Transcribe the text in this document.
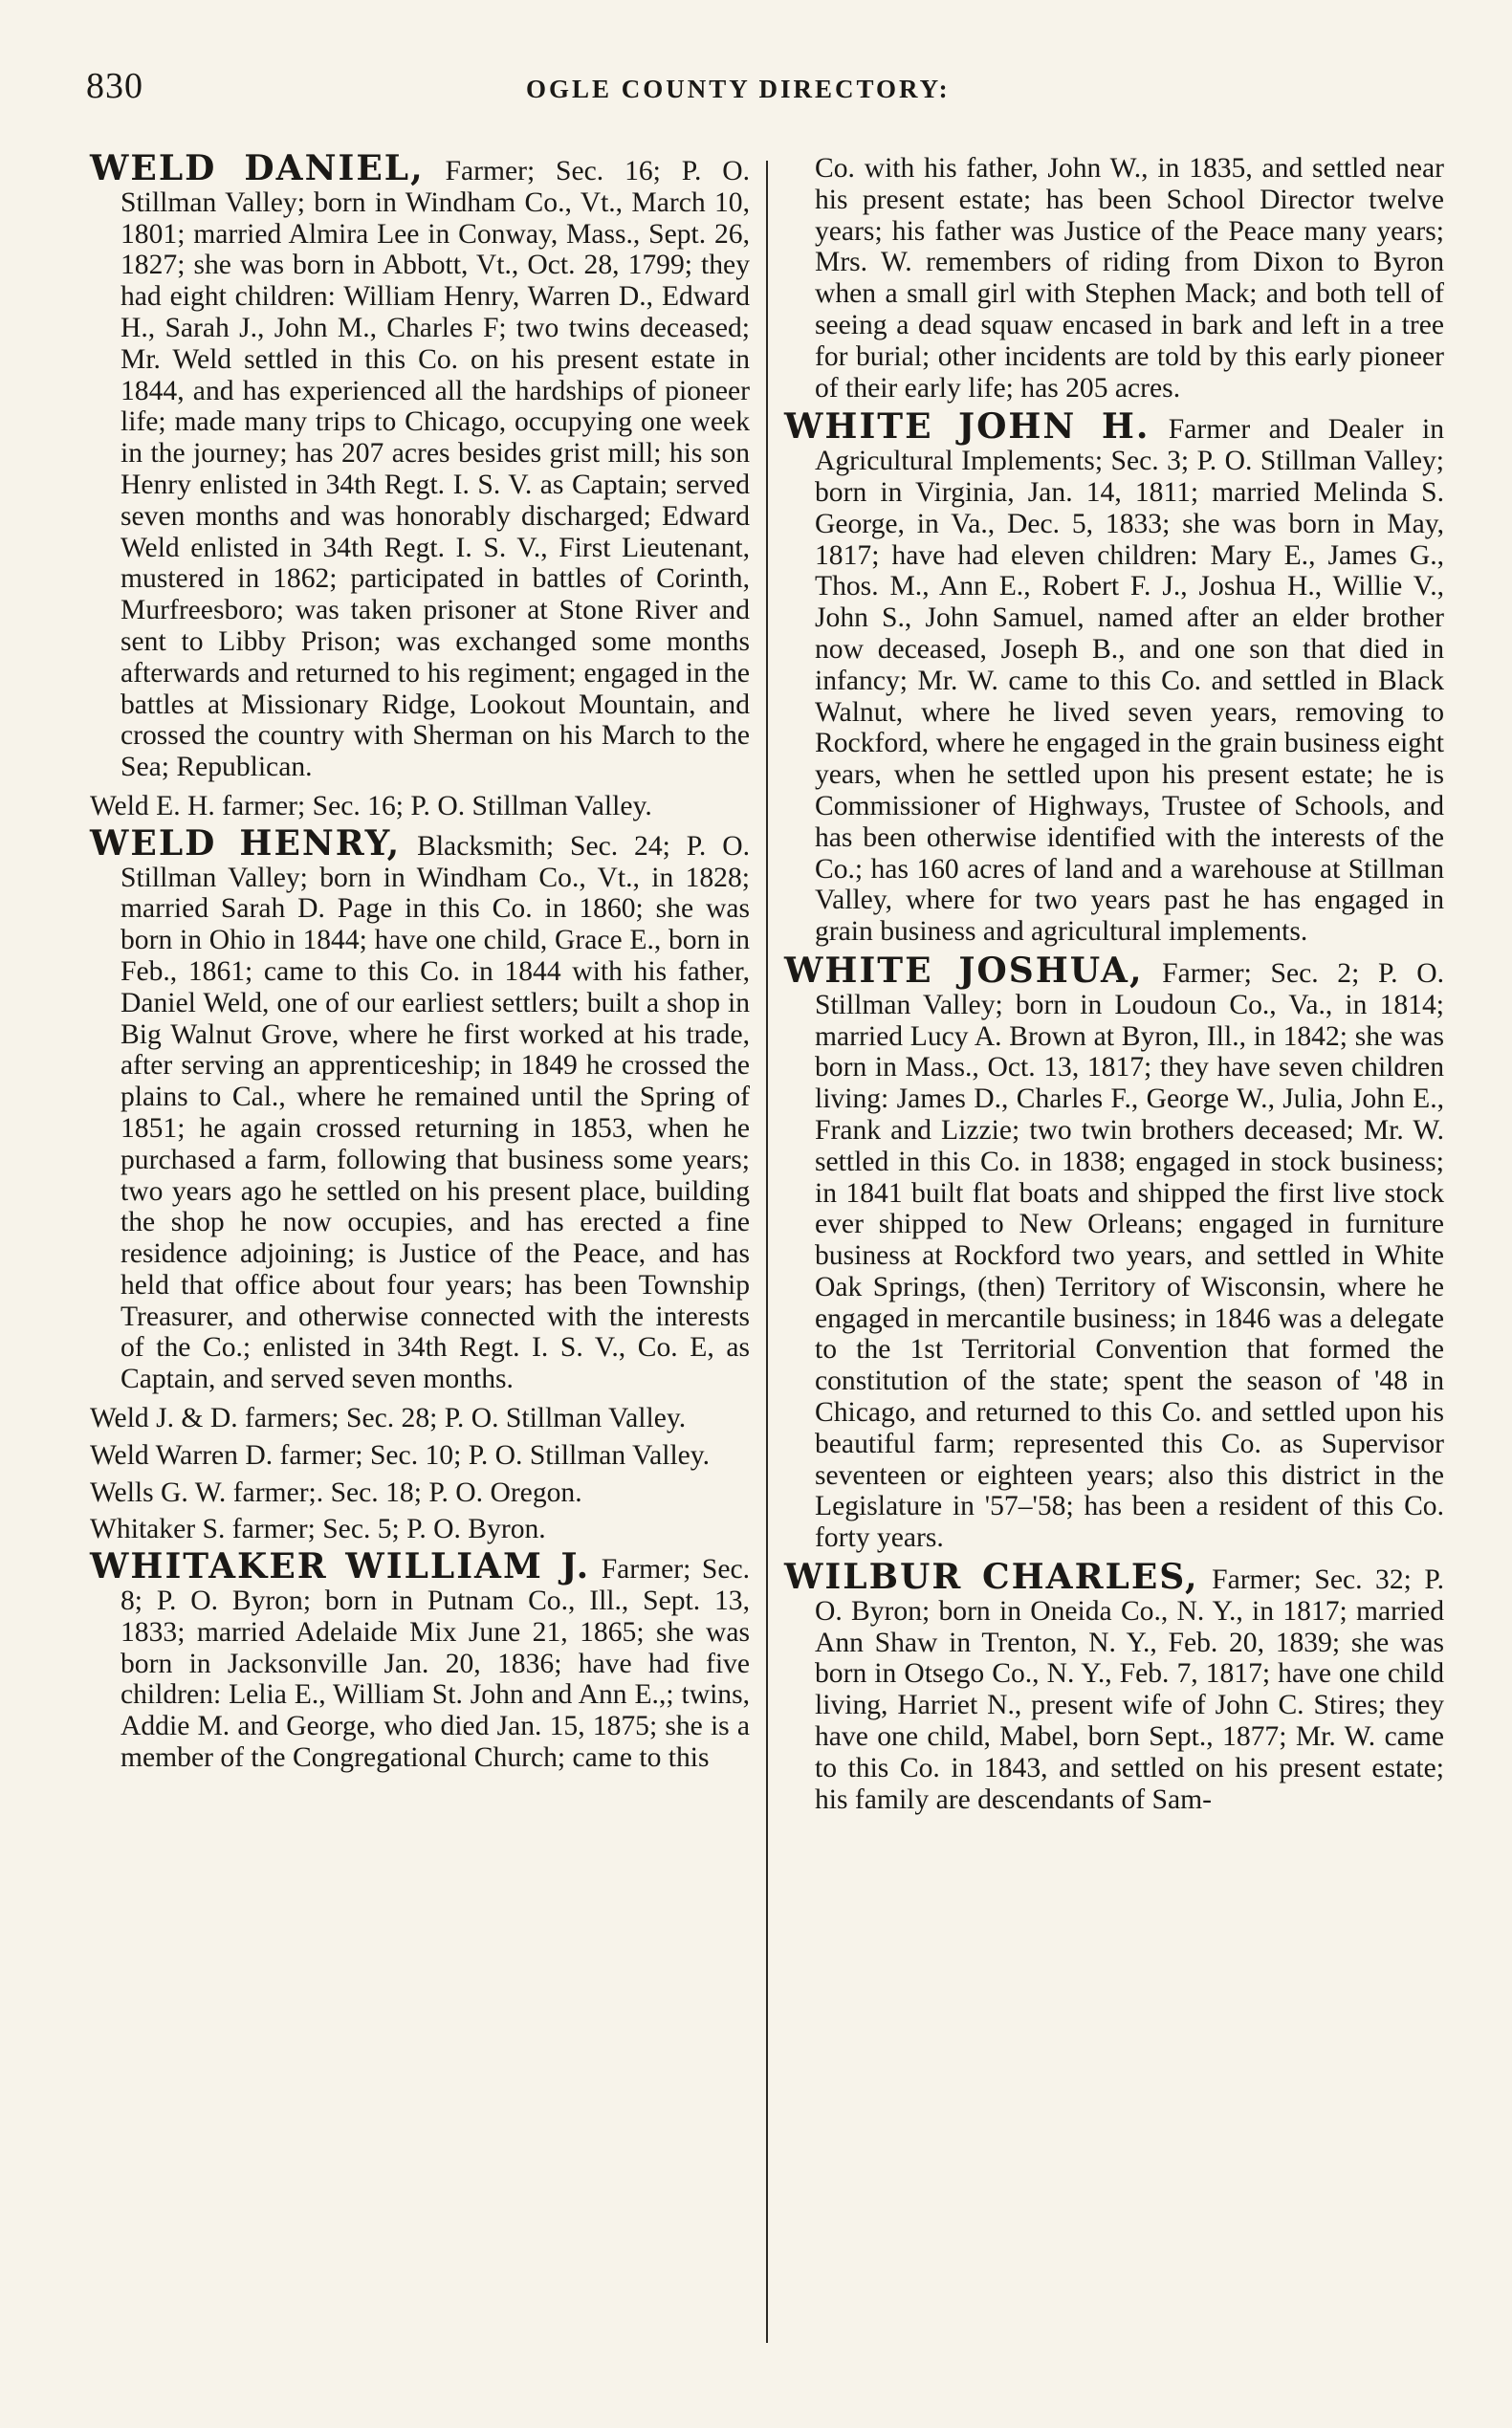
830	OGLE COUNTY DIRECTORY:

WELD DANIEL, Farmer; Sec. 16; P. O. Stillman Valley; born in Windham Co., Vt., March 10, 1801; married Almira Lee in Conway, Mass., Sept. 26, 1827; she was born in Abbott, Vt., Oct. 28, 1799; they had eight children: William Henry, Warren D., Edward H., Sarah J., John M., Charles F; two twins deceased; Mr. Weld settled in this Co. on his present estate in 1844, and has experienced all the hardships of pioneer life; made many trips to Chicago, occupying one week in the journey; has 207 acres besides grist mill; his son Henry enlisted in 34th Regt. I. S. V. as Captain; served seven months and was honorably discharged; Edward Weld enlisted in 34th Regt. I. S. V., First Lieutenant, mustered in 1862; participated in battles of Corinth, Murfreesboro; was taken prisoner at Stone River and sent to Libby Prison; was exchanged some months afterwards and returned to his regiment; engaged in the battles at Missionary Ridge, Lookout Mountain, and crossed the country with Sherman on his March to the Sea; Republican.

Weld E. H. farmer; Sec. 16; P. O. Stillman Valley.

WELD HENRY, Blacksmith; Sec. 24; P. O. Stillman Valley; born in Windham Co., Vt., in 1828; married Sarah D. Page in this Co. in 1860; she was born in Ohio in 1844; have one child, Grace E., born in Feb., 1861; came to this Co. in 1844 with his father, Daniel Weld, one of our earliest settlers; built a shop in Big Walnut Grove, where he first worked at his trade, after serving an apprenticeship; in 1849 he crossed the plains to Cal., where he remained until the Spring of 1851; he again crossed returning in 1853, when he purchased a farm, following that business some years; two years ago he settled on his present place, building the shop he now occupies, and has erected a fine residence adjoining; is Justice of the Peace, and has held that office about four years; has been Township Treasurer, and otherwise connected with the interests of the Co.; enlisted in 34th Regt. I. S. V., Co. E, as Captain, and served seven months.

Weld J. & D. farmers; Sec. 28; P. O. Stillman Valley.

Weld Warren D. farmer; Sec. 10; P. O. Stillman Valley.

Wells G. W. farmer;. Sec. 18; P. O. Oregon.

Whitaker S. farmer; Sec. 5; P. O. Byron.

WHITAKER WILLIAM J. Farmer; Sec. 8; P. O. Byron; born in Putnam Co., Ill., Sept. 13, 1833; married Adelaide Mix June 21, 1865; she was born in Jacksonville Jan. 20, 1836; have had five children: Lelia E., William St. John and Ann E.,; twins, Addie M. and George, who died Jan. 15, 1875; she is a member of the Congregational Church; came to this

Co. with his father, John W., in 1835, and settled near his present estate; has been School Director twelve years; his father was Justice of the Peace many years; Mrs. W. remembers of riding from Dixon to Byron when a small girl with Stephen Mack; and both tell of seeing a dead squaw encased in bark and left in a tree for burial; other incidents are told by this early pioneer of their early life; has 205 acres.

WHITE JOHN H. Farmer and Dealer in Agricultural Implements; Sec. 3; P. O. Stillman Valley; born in Virginia, Jan. 14, 1811; married Melinda S. George, in Va., Dec. 5, 1833; she was born in May, 1817; have had eleven children: Mary E., James G., Thos. M., Ann E., Robert F. J., Joshua H., Willie V., John S., John Samuel, named after an elder brother now deceased, Joseph B., and one son that died in infancy; Mr. W. came to this Co. and settled in Black Walnut, where he lived seven years, removing to Rockford, where he engaged in the grain business eight years, when he settled upon his present estate; he is Commissioner of Highways, Trustee of Schools, and has been otherwise identified with the interests of the Co.; has 160 acres of land and a warehouse at Stillman Valley, where for two years past he has engaged in grain business and agricultural implements.

WHITE JOSHUA, Farmer; Sec. 2; P. O. Stillman Valley; born in Loudoun Co., Va., in 1814; married Lucy A. Brown at Byron, Ill., in 1842; she was born in Mass., Oct. 13, 1817; they have seven children living: James D., Charles F., George W., Julia, John E., Frank and Lizzie; two twin brothers deceased; Mr. W. settled in this Co. in 1838; engaged in stock business; in 1841 built flat boats and shipped the first live stock ever shipped to New Orleans; engaged in furniture business at Rockford two years, and settled in White Oak Springs, (then) Territory of Wisconsin, where he engaged in mercantile business; in 1846 was a delegate to the 1st Territorial Convention that formed the constitution of the state; spent the season of '48 in Chicago, and returned to this Co. and settled upon his beautiful farm; represented this Co. as Supervisor seventeen or eighteen years; also this district in the Legislature in '57–'58; has been a resident of this Co. forty years.

WILBUR CHARLES, Farmer; Sec. 32; P. O. Byron; born in Oneida Co., N. Y., in 1817; married Ann Shaw in Trenton, N. Y., Feb. 20, 1839; she was born in Otsego Co., N. Y., Feb. 7, 1817; have one child living, Harriet N., present wife of John C. Stires; they have one child, Mabel, born Sept., 1877; Mr. W. came to this Co. in 1843, and settled on his present estate; his family are descendants of Sam-
